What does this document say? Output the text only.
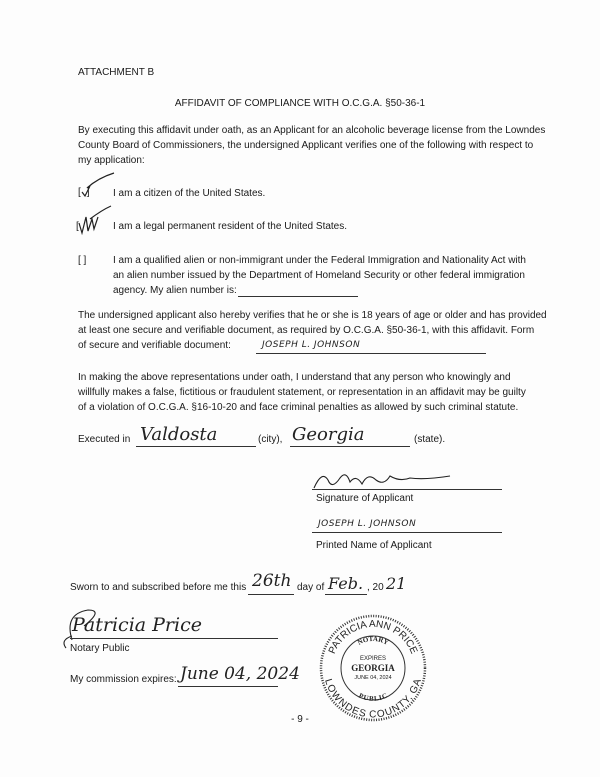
ATTACHMENT B
AFFIDAVIT OF COMPLIANCE WITH O.C.G.A. §50-36-1
By executing this affidavit under oath, as an Applicant for an alcoholic beverage license from the Lowndes
County Board of Commissioners, the undersigned Applicant verifies one of the following with respect to
my application:
[ ] I am a citizen of the United States.
[	I am a legal permanent resident of the United States.
[ ]	I am a qualified alien or non-immigrant under the Federal Immigration and Nationality Act with
an alien number issued by the Department of Homeland Security or other federal immigration
agency. My alien number is:
The undersigned applicant also hereby verifies that he or she is 18 years of age or older and has provided
at least one secure and verifiable document, as required by O.C.G.A. §50-36-1, with this affidavit. Form
of secure and verifiable document:	JOSEPH L. JOHNSON
In making the above representations under oath, I understand that any person who knowingly and
willfully makes a false, fictitious or fraudulent statement, or representation in an affidavit may be guilty
of a violation of O.C.G.A. §16-10-20 and face criminal penalties as allowed by such criminal statute.
Executed in Valdosta	(city), Georgia	(state).
Signature of Applicant
JOSEPH L. JOHNSON
Printed Name of Applicant
Sworn to and subscribed before me this 26th day of Feb. , 20 21
Patricia Price
Notary Public
My commission expires: June 04, 2024
PATRICIA ANN PRICE
LOWNDES COUNTY, GA
NOTARY
PUBLIC
EXPIRES
GEORGIA
JUNE 04, 2024
- 9 -
